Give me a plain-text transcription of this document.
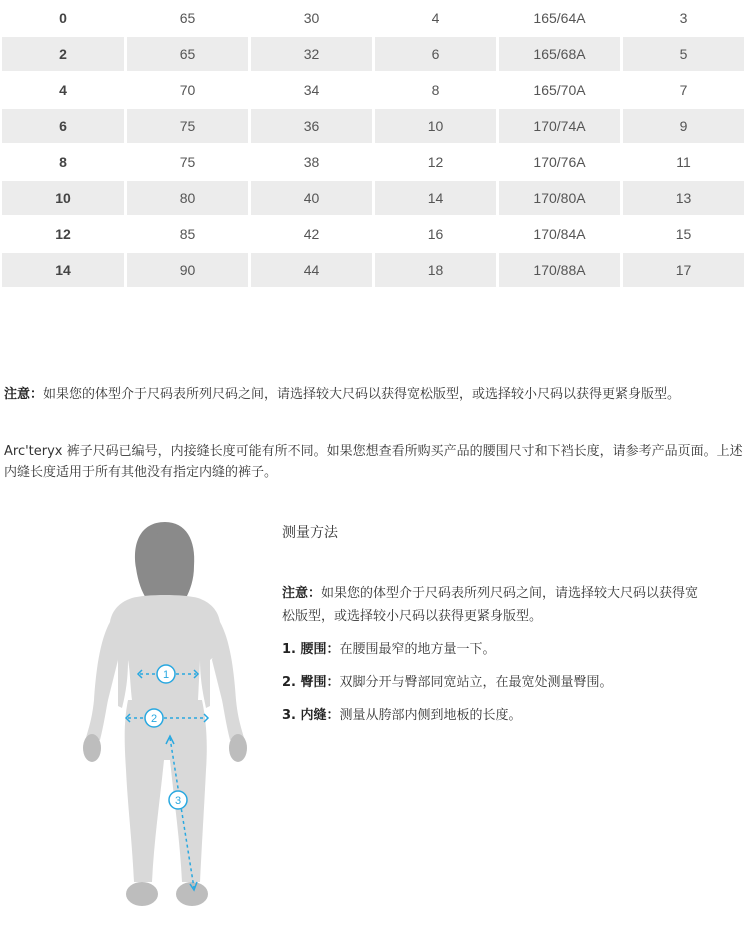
0	65	30	4	165/64A	3
2	65	32	6	165/68A	5
4	70	34	8	165/70A	7
6	75	36	10	170/74A	9
8	75	38	12	170/76A	11
10	80	40	14	170/80A	13
12	85	42	16	170/84A	15
14	90	44	18	170/88A	17
注意：如果您的体型介于尺码表所列尺码之间，请选择较大尺码以获得宽松版型，或选择较小尺码以获得更紧身版型。
Arc'teryx 裤子尺码已编号，内接缝长度可能有所不同。如果您想查看所购买产品的腰围尺寸和下裆长度，请参考产品页面。上述内缝长度适用于所有其他没有指定内缝的裤子。
1
2
3
测量方法

注意：如果您的体型介于尺码表所列尺码之间，请选择较大尺码以获得宽松版型，或选择较小尺码以获得更紧身版型。

1. 腰围：在腰围最窄的地方量一下。

2. 臀围：双脚分开与臀部同宽站立，在最宽处测量臀围。

3. 内缝：测量从胯部内侧到地板的长度。
